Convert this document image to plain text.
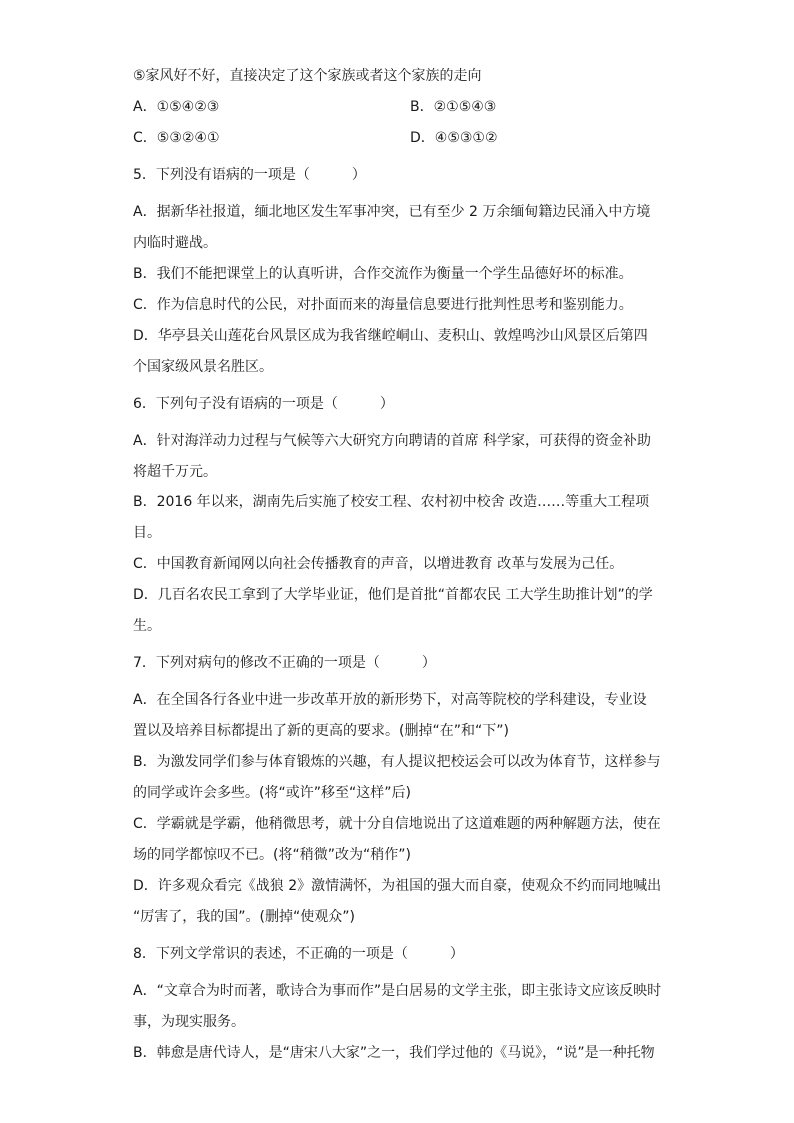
⑤家风好不好，直接决定了这个家族或者这个家族的走向
A．①⑤④②③	B．②①⑤④③
C．⑤③②④①	D．④⑤③①②
5．下列没有语病的一项是（　　　）
A．据新华社报道，缅北地区发生军事冲突，已有至少 2 万余缅甸籍边民涌入中方境
内临时避战。
B．我们不能把课堂上的认真听讲，合作交流作为衡量一个学生品德好坏的标准。
C．作为信息时代的公民，对扑面而来的海量信息要进行批判性思考和鉴别能力。
D．华亭县关山莲花台风景区成为我省继崆峒山、麦积山、敦煌鸣沙山风景区后第四
个国家级风景名胜区。
6．下列句子没有语病的一项是（　　　）
A．针对海洋动力过程与气候等六大研究方向聘请的首席 科学家，可获得的资金补助
将超千万元。
B．2016 年以来，湖南先后实施了校安工程、农村初中校舍 改造……等重大工程项
目。
C．中国教育新闻网以向社会传播教育的声音，以增进教育 改革与发展为己任。
D．几百名农民工拿到了大学毕业证，他们是首批“首都农民 工大学生助推计划”的学
生。
7．下列对病句的修改不正确的一项是（　　　）
A．在全国各行各业中进一步改革开放的新形势下，对高等院校的学科建设，专业设
置以及培养目标都提出了新的更高的要求。(删掉“在”和“下”)
B．为激发同学们参与体育锻炼的兴趣，有人提议把校运会可以改为体育节，这样参与
的同学或许会多些。(将“或许”移至“这样”后)
C．学霸就是学霸，他稍微思考，就十分自信地说出了这道难题的两种解题方法，使在
场的同学都惊叹不已。(将“稍微”改为“稍作”)
D．许多观众看完《战狼 2》激情满怀，为祖国的强大而自豪，使观众不约而同地喊出
“厉害了，我的国”。(删掉“使观众”)
8．下列文学常识的表述，不正确的一项是（　　　）
A．“文章合为时而著，歌诗合为事而作”是白居易的文学主张，即主张诗文应该反映时
事，为现实服务。
B．韩愈是唐代诗人，是“唐宋八大家”之一，我们学过他的《马说》，“说”是一种托物
